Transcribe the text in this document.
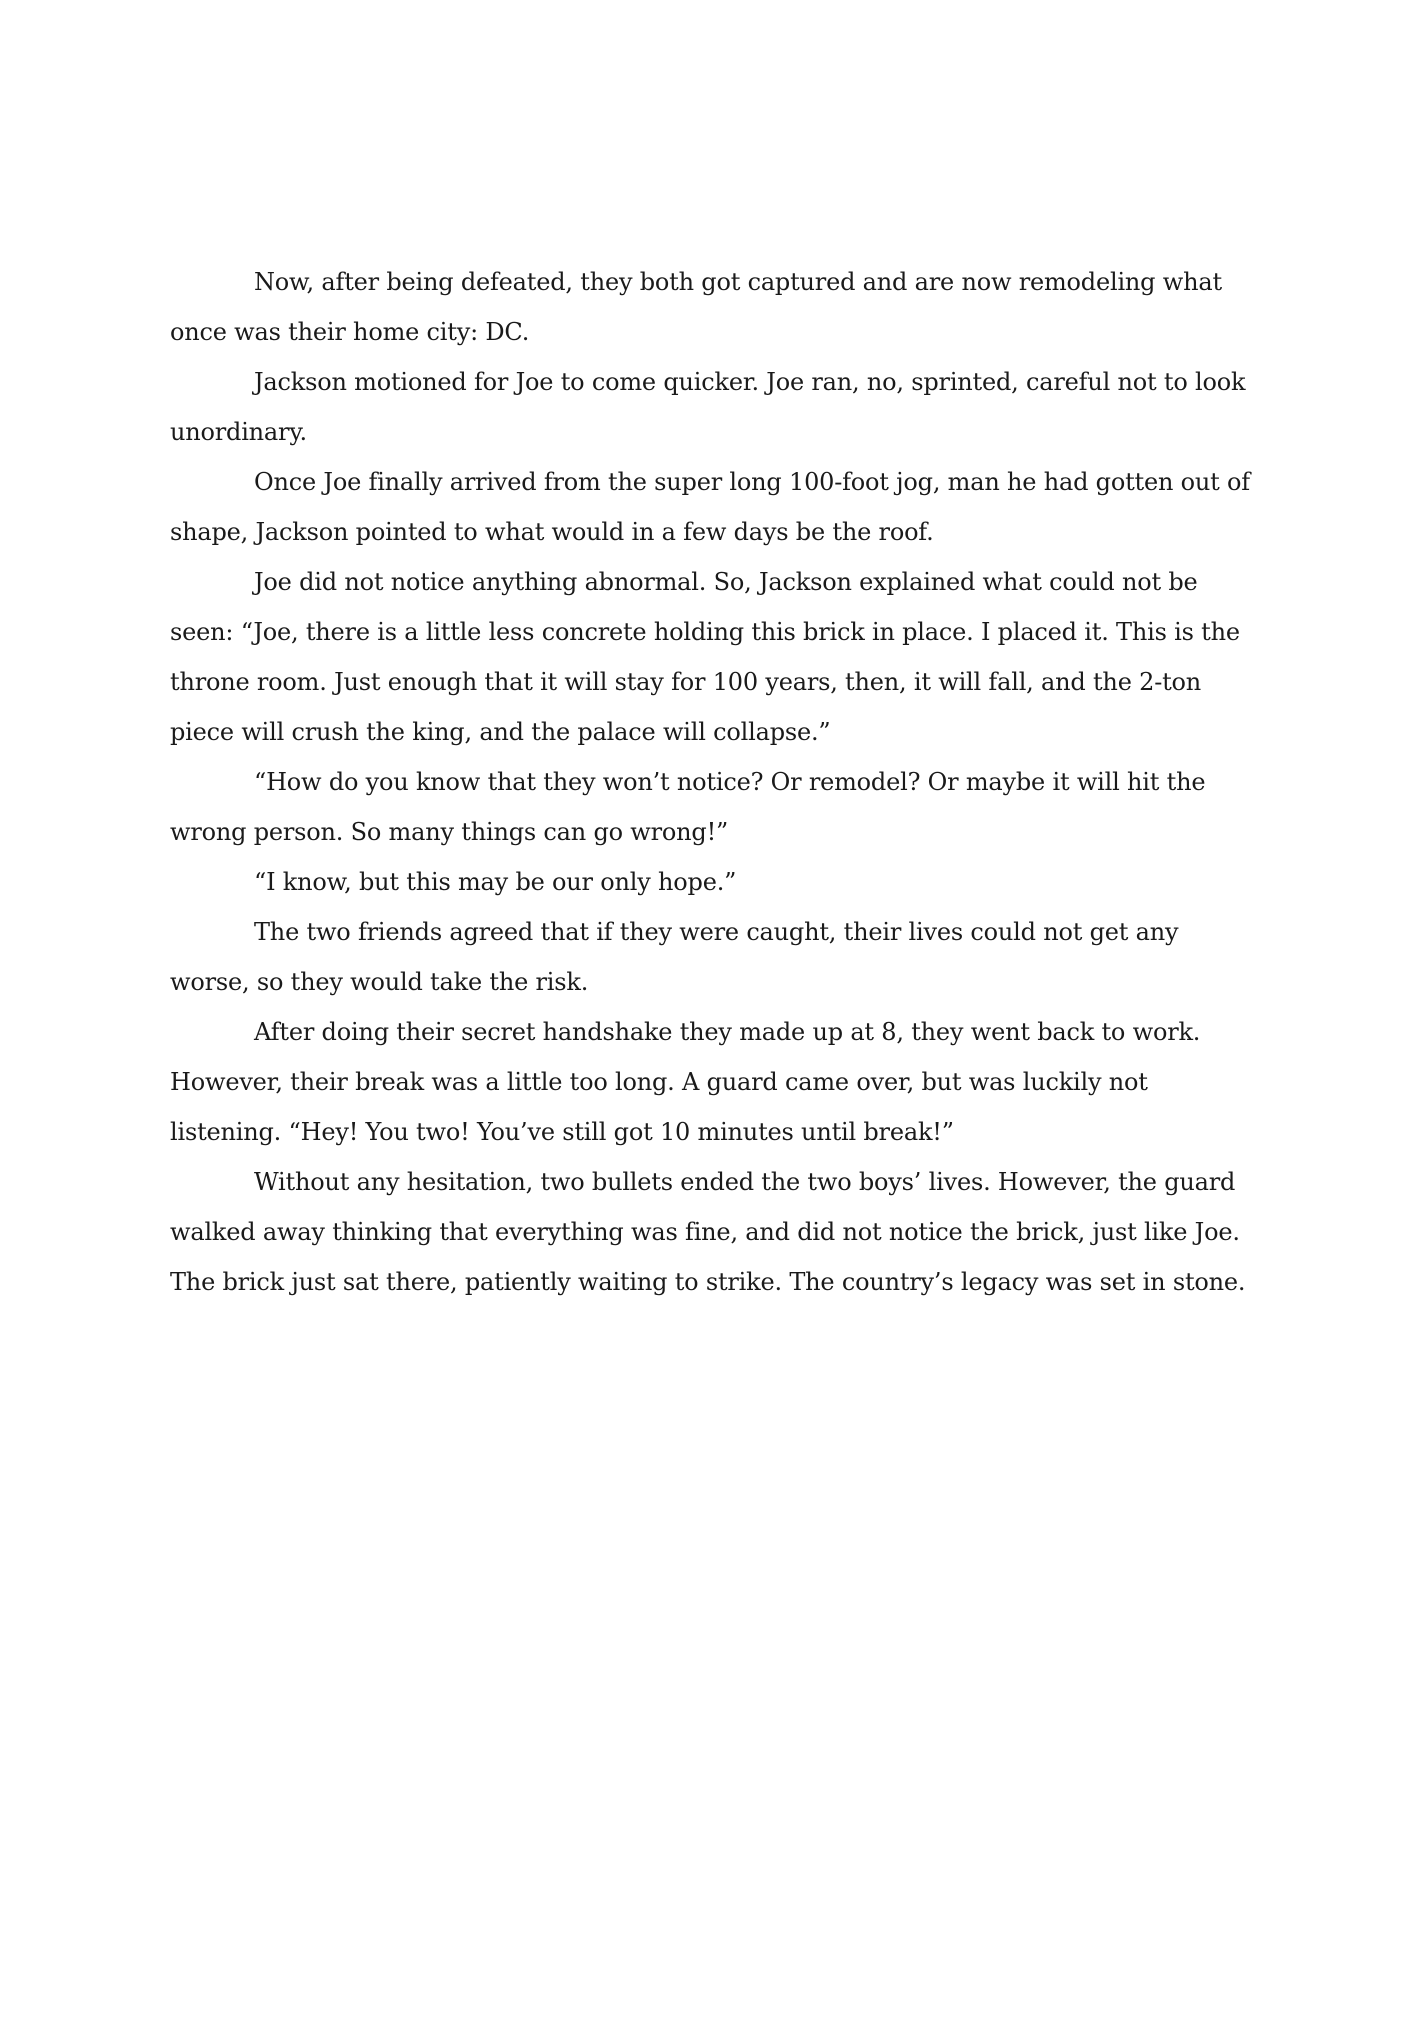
Now, after being defeated, they both got captured and are now remodeling what once was their home city: DC.

Jackson motioned for Joe to come quicker. Joe ran, no, sprinted, careful not to look unordinary.

Once Joe finally arrived from the super long 100-foot jog, man he had gotten out of shape, Jackson pointed to what would in a few days be the roof.

Joe did not notice anything abnormal. So, Jackson explained what could not be seen: “Joe, there is a little less concrete holding this brick in place. I placed it. This is the throne room. Just enough that it will stay for 100 years, then, it will fall, and the 2-ton piece will crush the king, and the palace will collapse.”

“How do you know that they won’t notice? Or remodel? Or maybe it will hit the wrong person. So many things can go wrong!”

“I know, but this may be our only hope.”

The two friends agreed that if they were caught, their lives could not get any worse, so they would take the risk.

After doing their secret handshake they made up at 8, they went back to work. However, their break was a little too long. A guard came over, but was luckily not listening. “Hey! You two! You’ve still got 10 minutes until break!”

Without any hesitation, two bullets ended the two boys’ lives. However, the guard walked away thinking that everything was fine, and did not notice the brick, just like Joe. The brick just sat there, patiently waiting to strike. The country’s legacy was set in stone.
